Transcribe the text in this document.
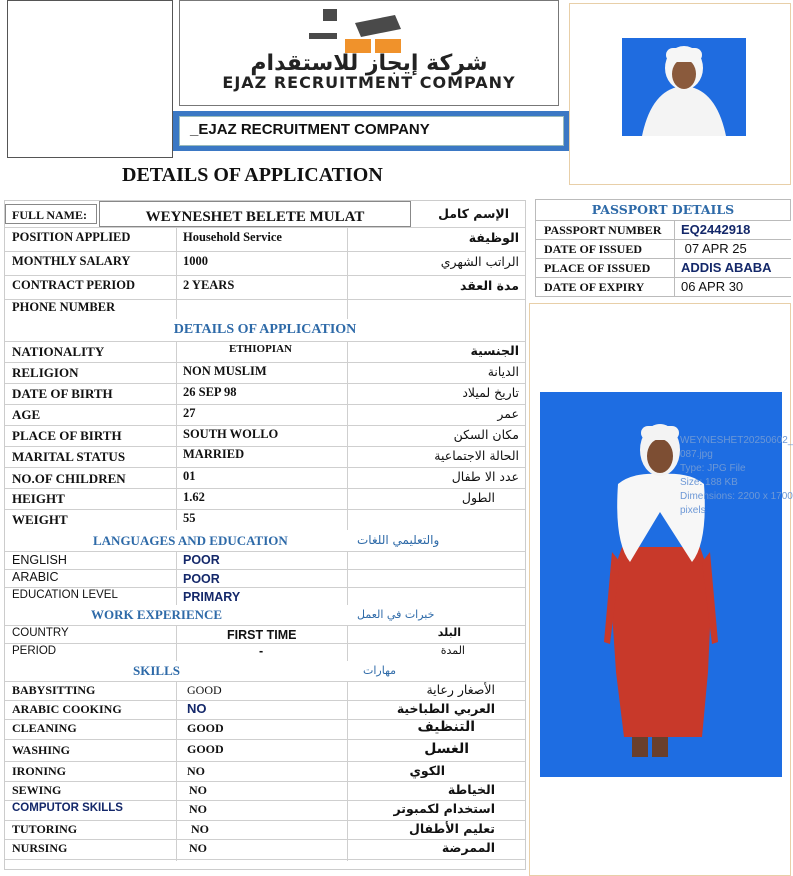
شركة إيجاز للاستقدام
EJAZ RECRUITMENT COMPANY
_EJAZ RECRUITMENT COMPANY
DETAILS OF APPLICATION
FULL NAME:	WEYNESHET BELETE MULAT	الإسم كامل
POSITION APPLIED	Household Service	الوظيفة
MONTHLY SALARY	1000	الراتب الشهري
CONTRACT PERIOD	2 YEARS	مدة العقد
PHONE NUMBER
DETAILS OF APPLICATION
NATIONALITY	ETHIOPIAN	الجنسية
RELIGION	NON MUSLIM	الديانة
DATE OF BIRTH	26 SEP 98	تاريخ لميلاد
AGE	27	عمر
PLACE OF BIRTH	SOUTH WOLLO	مكان السكن
MARITAL STATUS	MARRIED	الحالة الاجتماعية
NO.OF CHILDREN	01	عدد الا طفال
HEIGHT	1.62	الطول
WEIGHT	55
LANGUAGES AND EDUCATION	والتعليمي اللغات
ENGLISH	POOR
ARABIC	POOR
EDUCATION LEVEL	PRIMARY
WORK EXPERIENCE	خبرات في العمل
COUNTRY	FIRST TIME	البلد
PERIOD	-	المدة
SKILLS	مهارات
BABYSITTING	GOOD	الأصغار رعاية
ARABIC COOKING	NO	العربي الطباخية
CLEANING	GOOD	التنظيف
WASHING	GOOD	الغسل
IRONING	NO	الكوي
SEWING	NO	الخياطة
COMPUTOR SKILLS	NO	استخدام لكمبوتر
TUTORING	NO	تعليم الأطفال
NURSING	NO	الممرضة
PASSPORT DETAILS
PASSPORT NUMBER EQ2442918
DATE OF ISSUED	07 APR 25
PLACE OF ISSUED ADDIS ABABA
DATE OF EXPIRY	06 APR 30
WEYNESHET20250602_
087.jpg
Type: JPG File
Size: 188 KB
Dimensions: 2200 x 1700
pixels
